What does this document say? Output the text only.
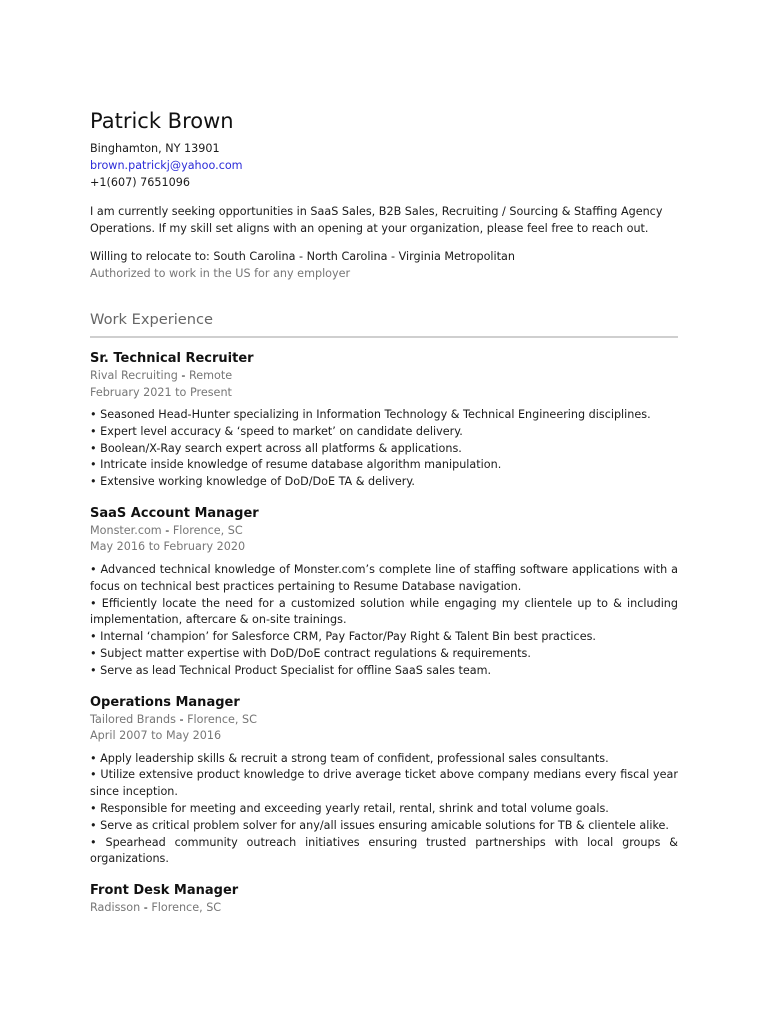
Patrick Brown
Binghamton, NY 13901
brown.patrickj@yahoo.com
+1(607) 7651096
I am currently seeking opportunities in SaaS Sales, B2B Sales, Recruiting / Sourcing & Staffing Agency Operations. If my skill set aligns with an opening at your organization, please feel free to reach out.
Willing to relocate to: South Carolina - North Carolina - Virginia Metropolitan
Authorized to work in the US for any employer
Work Experience
Sr. Technical Recruiter
Rival Recruiting - Remote
February 2021 to Present
• Seasoned Head-Hunter specializing in Information Technology & Technical Engineering disciplines.
• Expert level accuracy & ‘speed to market’ on candidate delivery.
• Boolean/X-Ray search expert across all platforms & applications.
• Intricate inside knowledge of resume database algorithm manipulation.
• Extensive working knowledge of DoD/DoE TA & delivery.
SaaS Account Manager
Monster.com - Florence, SC
May 2016 to February 2020
• Advanced technical knowledge of Monster.com’s complete line of staffing software applications with a focus on technical best practices pertaining to Resume Database navigation.
• Efficiently locate the need for a customized solution while engaging my clientele up to & including implementation, aftercare & on-site trainings.
• Internal ‘champion’ for Salesforce CRM, Pay Factor/Pay Right & Talent Bin best practices.
• Subject matter expertise with DoD/DoE contract regulations & requirements.
• Serve as lead Technical Product Specialist for offline SaaS sales team.
Operations Manager
Tailored Brands - Florence, SC
April 2007 to May 2016
• Apply leadership skills & recruit a strong team of confident, professional sales consultants.
• Utilize extensive product knowledge to drive average ticket above company medians every fiscal year since inception.
• Responsible for meeting and exceeding yearly retail, rental, shrink and total volume goals.
• Serve as critical problem solver for any/all issues ensuring amicable solutions for TB & clientele alike.
• Spearhead community outreach initiatives ensuring trusted partnerships with local groups & organizations.
Front Desk Manager
Radisson - Florence, SC
